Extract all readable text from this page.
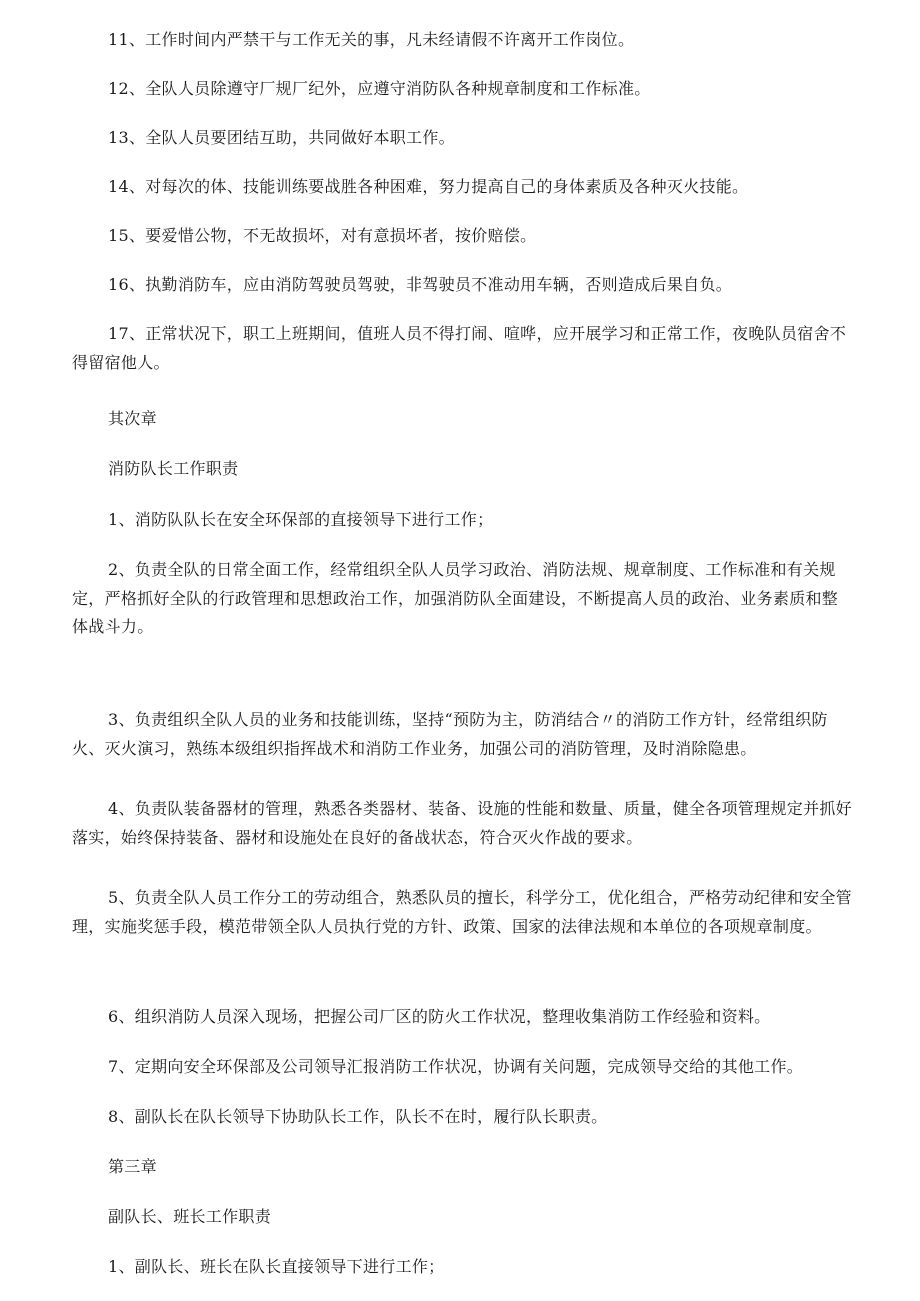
11、工作时间内严禁干与工作无关的事，凡未经请假不许离开工作岗位。

12、全队人员除遵守厂规厂纪外，应遵守消防队各种规章制度和工作标准。

13、全队人员要团结互助，共同做好本职工作。

14、对每次的体、技能训练要战胜各种困难，努力提高自己的身体素质及各种灭火技能。

15、要爱惜公物，不无故损坏，对有意损坏者，按价赔偿。

16、执勤消防车，应由消防驾驶员驾驶，非驾驶员不准动用车辆，否则造成后果自负。

17、正常状况下，职工上班期间，值班人员不得打闹、喧哗，应开展学习和正常工作，夜晚队员宿舍不得留宿他人。

其次章

消防队长工作职责

1、消防队队长在安全环保部的直接领导下进行工作；

2、负责全队的日常全面工作，经常组织全队人员学习政治、消防法规、规章制度、工作标准和有关规定，严格抓好全队的行政管理和思想政治工作，加强消防队全面建设，不断提高人员的政治、业务素质和整体战斗力。

3、负责组织全队人员的业务和技能训练，坚持“预防为主，防消结合〃的消防工作方针，经常组织防火、灭火演习，熟练本级组织指挥战术和消防工作业务，加强公司的消防管理，及时消除隐患。

4、负责队装备器材的管理，熟悉各类器材、装备、设施的性能和数量、质量，健全各项管理规定并抓好落实，始终保持装备、器材和设施处在良好的备战状态，符合灭火作战的要求。

5、负责全队人员工作分工的劳动组合，熟悉队员的擅长，科学分工，优化组合，严格劳动纪律和安全管理，实施奖惩手段，模范带领全队人员执行党的方针、政策、国家的法律法规和本单位的各项规章制度。

6、组织消防人员深入现场，把握公司厂区的防火工作状况，整理收集消防工作经验和资料。

7、定期向安全环保部及公司领导汇报消防工作状况，协调有关问题，完成领导交给的其他工作。

8、副队长在队长领导下协助队长工作，队长不在时，履行队长职责。

第三章

副队长、班长工作职责

1、副队长、班长在队长直接领导下进行工作；
